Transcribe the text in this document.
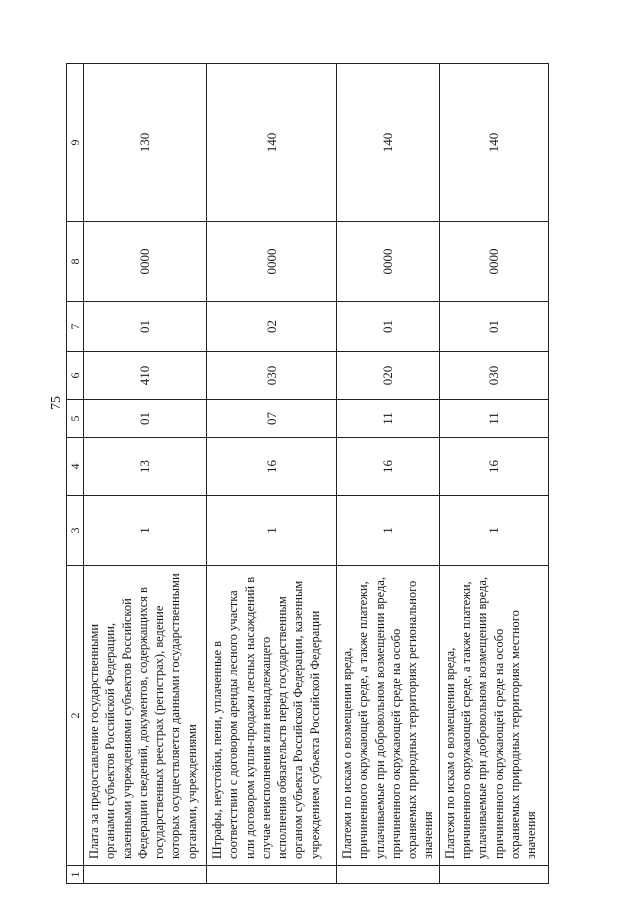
75
1	2	3	4	5	6	7	8	9
	Плата за предоставление государственными органами субъектов Российской Федерации, казенными учреждениями субъектов Российской Федерации сведений, документов, содержащихся в государственных реестрах (регистрах), ведение которых осуществляется данными государственными органами, учреждениями	1	13	01	410	01	0000	130
	Штрафы, неустойки, пени, уплаченные в соответствии с договором аренды лесного участка или договором купли-продажи лесных насаждений в случае неисполнения или ненадлежащего исполнения обязательств перед государственным органом субъекта Российской Федерации, казенным учреждением субъекта Российской Федерации	1	16	07	030	02	0000	140
	Платежи по искам о возмещении вреда, причиненного окружающей среде, а также платежи, уплачиваемые при добровольном возмещении вреда, причиненного окружающей среде на особо охраняемых природных территориях регионального значения	1	16	11	020	01	0000	140
	Платежи по искам о возмещении вреда, причиненного окружающей среде, а также платежи, уплачиваемые при добровольном возмещении вреда, причиненного окружающей среде на особо охраняемых природных территориях местного значения	1	16	11	030	01	0000	140
